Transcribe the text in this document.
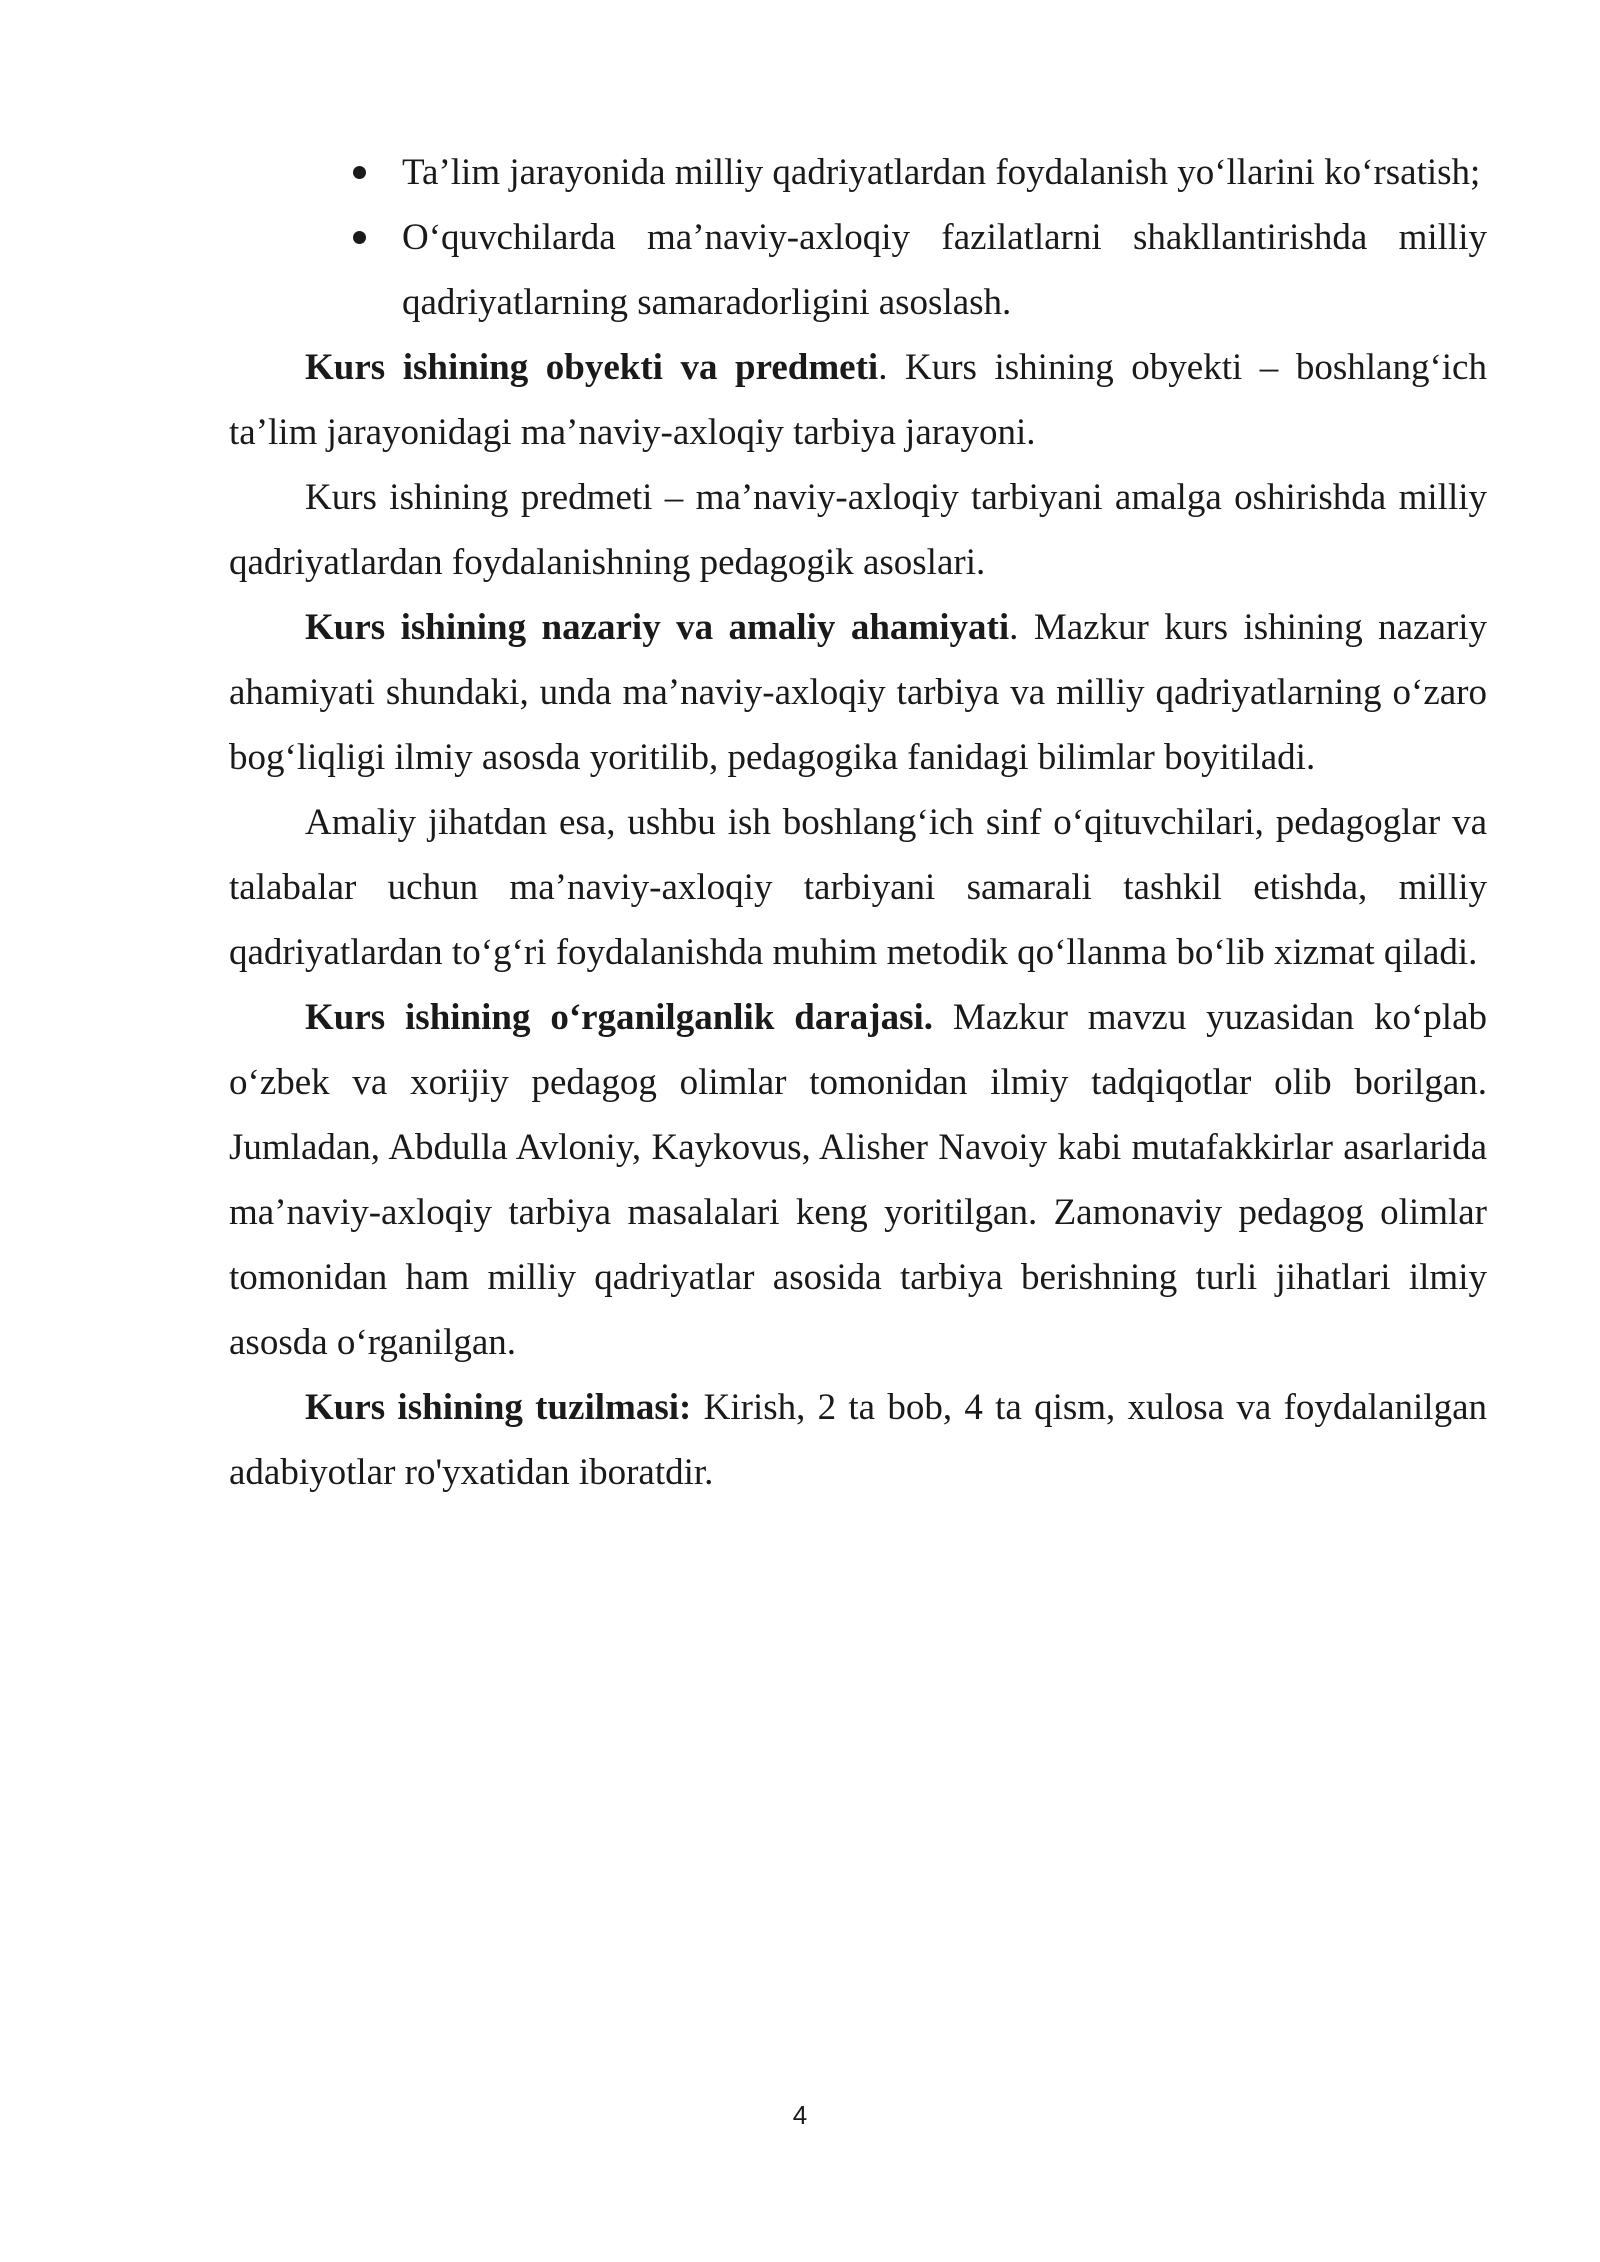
Ta’lim jarayonida milliy qadriyatlardan foydalanish yo‘llarini ko‘rsatish;
O‘quvchilarda ma’naviy-axloqiy fazilatlarni shakllantirishda milliy qadriyatlarning samaradorligini asoslash.

Kurs ishining obyekti va predmeti. Kurs ishining obyekti – boshlang‘ich ta’lim jarayonidagi ma’naviy-axloqiy tarbiya jarayoni.

Kurs ishining predmeti – ma’naviy-axloqiy tarbiyani amalga oshirishda milliy qadriyatlardan foydalanishning pedagogik asoslari.

Kurs ishining nazariy va amaliy ahamiyati. Mazkur kurs ishining nazariy ahamiyati shundaki, unda ma’naviy-axloqiy tarbiya va milliy qadriyatlarning o‘zaro bog‘liqligi ilmiy asosda yoritilib, pedagogika fanidagi bilimlar boyitiladi.

Amaliy jihatdan esa, ushbu ish boshlang‘ich sinf o‘qituvchilari, pedagoglar va talabalar uchun ma’naviy-axloqiy tarbiyani samarali tashkil etishda, milliy qadriyatlardan to‘g‘ri foydalanishda muhim metodik qo‘llanma bo‘lib xizmat qiladi.

Kurs ishining o‘rganilganlik darajasi. Mazkur mavzu yuzasidan ko‘plab o‘zbek va xorijiy pedagog olimlar tomonidan ilmiy tadqiqotlar olib borilgan. Jumladan, Abdulla Avloniy, Kaykovus, Alisher Navoiy kabi mutafakkirlar asarlarida ma’naviy-axloqiy tarbiya masalalari keng yoritilgan. Zamonaviy pedagog olimlar tomonidan ham milliy qadriyatlar asosida tarbiya berishning turli jihatlari ilmiy asosda o‘rganilgan.

Kurs ishining tuzilmasi: Kirish, 2 ta bob, 4 ta qism, xulosa va foydalanilgan adabiyotlar ro'yxatidan iboratdir.

4
